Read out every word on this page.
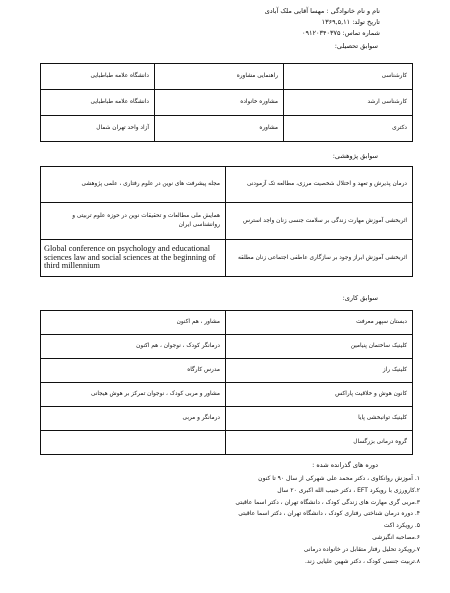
نام و نام خانوادگی : مهسا آقایی ملک آبادی
تاریخ تولد: ۱۳۶۹,۵,۱۱
شماره تماس: ۰۹۱۲۰۳۴۰۳۷۵
سوابق تحصیلی:
کارشناسی	راهنمایی مشاوره	دانشگاه علامه طباطبایی
کارشناسی ارشد	مشاوره خانواده	دانشگاه علامه طباطبایی
دکتری	مشاوره	آزاد واحد تهران شمال
سوابق پژوهشی:
درمان پذیرش و تعهد و اختلال شخصیت مرزی، مطالعه تک آزمودنی	مجله پیشرفت های نوین در علوم رفتاری ، علمی پژوهشی
اثربخشی آموزش مهارت زندگی بر سلامت جنسی زنان واجد استرس	همایش ملی مطالعات و تحقیقات نوین در حوزه علوم تربیتی و روانشناسی ایران
اثربخشی آموزش ابراز وجود بر سازگاری عاطفی اجتماعی زنان مطلقه	Global conference on psychology and educational sciences law and social sciences at the beginning of third millennium
سوابق کاری:
دبستان سپهر معرفت	مشاور ، هم اکنون
کلینیک ساختمان پنیامین	درمانگر کودک ، نوجوان ، هم اکنون
کلینیک راز	مدرس کارگاه
کانون هوش و خلاقیت پاراکس	مشاور و مربی کودک ، نوجوان تمرکز بر هوش هیجانی
کلینیک توانبخشی پایا	درمانگر و مربی
گروه درمانی بزرگسال	
دوره های گذرانده شده :
۱. آموزش روانکاوی ، دکتر محمد علی شهرکی از سال ۹۰ تا کنون
۲.کارورزی با رویکرد EFT ، دکتر حبیب الله اکبری ۲۰ سال
۳.مربی گری مهارت های زندگی کودک ، دانشگاه تهران ، دکتر اسما عاقبتی
۴. دوره درمان شناختی رفتاری کودک ، دانشگاه تهران ، دکتر اسما عاقبتی
۵. رویکرد اکت
۶.مصاحبه انگیزشی
۷.رویکرد تحلیل رفتار متقابل در خانواده درمانی
۸.تربیت جنسی کودک ، دکتر شهین علیایی زند.
